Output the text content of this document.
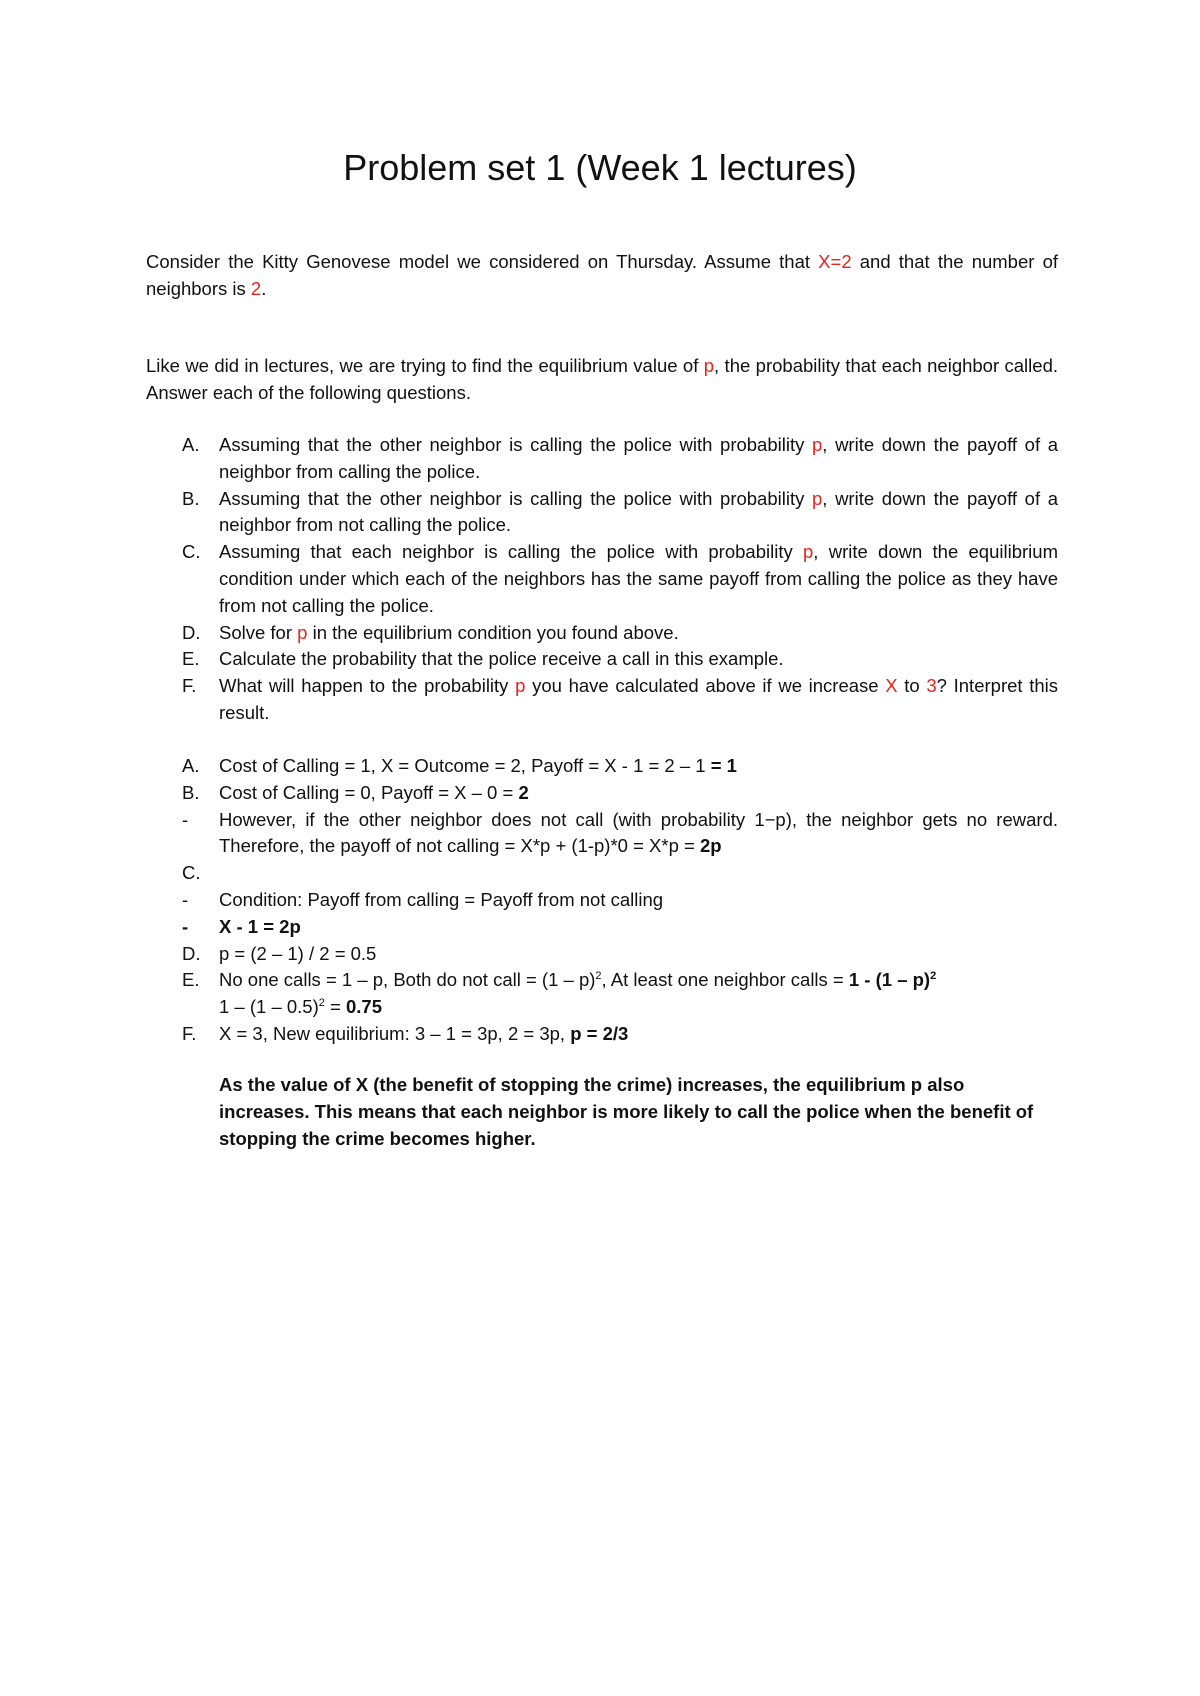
Problem set 1 (Week 1 lectures)
Consider the Kitty Genovese model we considered on Thursday. Assume that X=2 and that the number of neighbors is 2.
Like we did in lectures, we are trying to find the equilibrium value of p, the probability that each neighbor called. Answer each of the following questions.
A. Assuming that the other neighbor is calling the police with probability p, write down the payoff of a neighbor from calling the police.
B. Assuming that the other neighbor is calling the police with probability p, write down the payoff of a neighbor from not calling the police.
C. Assuming that each neighbor is calling the police with probability p, write down the equilibrium condition under which each of the neighbors has the same payoff from calling the police as they have from not calling the police.
D. Solve for p in the equilibrium condition you found above.
E. Calculate the probability that the police receive a call in this example.
F. What will happen to the probability p you have calculated above if we increase X to 3? Interpret this result.
A. Cost of Calling = 1, X = Outcome = 2, Payoff = X - 1 = 2 – 1 = 1
B. Cost of Calling = 0, Payoff = X – 0 = 2
- However, if the other neighbor does not call (with probability 1−p), the neighbor gets no reward. Therefore, the payoff of not calling = X*p + (1-p)*0 = X*p = 2p
C.

- Condition: Payoff from calling = Payoff from not calling
- X - 1 = 2p
D. p = (2 – 1) / 2 = 0.5
E. No one calls = 1 – p, Both do not call = (1 – p)$^2$, At least one neighbor calls = 1 - (1 – p)$^2$
1 – (1 – 0.5)$^2$ = 0.75
F. X = 3, New equilibrium: 3 – 1 = 3p, 2 = 3p, p = 2/3
As the value of X (the benefit of stopping the crime) increases, the equilibrium p also increases. This means that each neighbor is more likely to call the police when the benefit of stopping the crime becomes higher.
